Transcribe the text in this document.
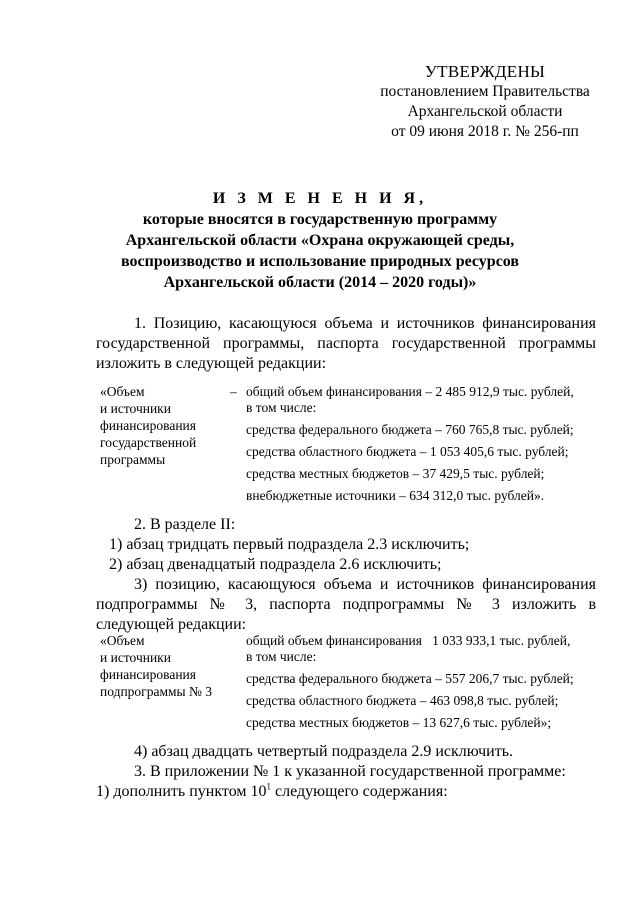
УТВЕРЖДЕНЫ
постановлением Правительства
Архангельской области
от 09 июня 2018 г. № 256-пп
И З М Е Н Е Н И Я,
которые вносятся в государственную программу
Архангельской области «Охрана окружающей среды,
воспроизводство и использование природных ресурсов
Архангельской области (2014 – 2020 годы)»
1. Позицию, касающуюся объема и источников финансирования государственной программы, паспорта государственной программы изложить в следующей редакции:
«Объем
и источники
финансирования
государственной
программы
– общий объем финансирования – 2 485 912,9 тыс. рублей,
в том числе:
средства федерального бюджета – 760 765,8 тыс. рублей;
средства областного бюджета – 1 053 405,6 тыс. рублей;
средства местных бюджетов – 37 429,5 тыс. рублей;
внебюджетные источники – 634 312,0 тыс. рублей».
2. В разделе II:
1) абзац тридцать первый подраздела 2.3 исключить;
2) абзац двенадцатый подраздела 2.6 исключить;
3) позицию, касающуюся объема и источников финансирования подпрограммы № 3, паспорта подпрограммы № 3 изложить в следующей редакции:
«Объем
и источники
финансирования
подпрограммы № 3
общий объем финансирования   1 033 933,1 тыс. рублей,
в том числе:
средства федерального бюджета – 557 206,7 тыс. рублей;
средства областного бюджета – 463 098,8 тыс. рублей;
средства местных бюджетов – 13 627,6 тыс. рублей»;
4) абзац двадцать четвертый подраздела 2.9 исключить.
3. В приложении № 1 к указанной государственной программе:
1) дополнить пунктом $10^1$ следующего содержания:
